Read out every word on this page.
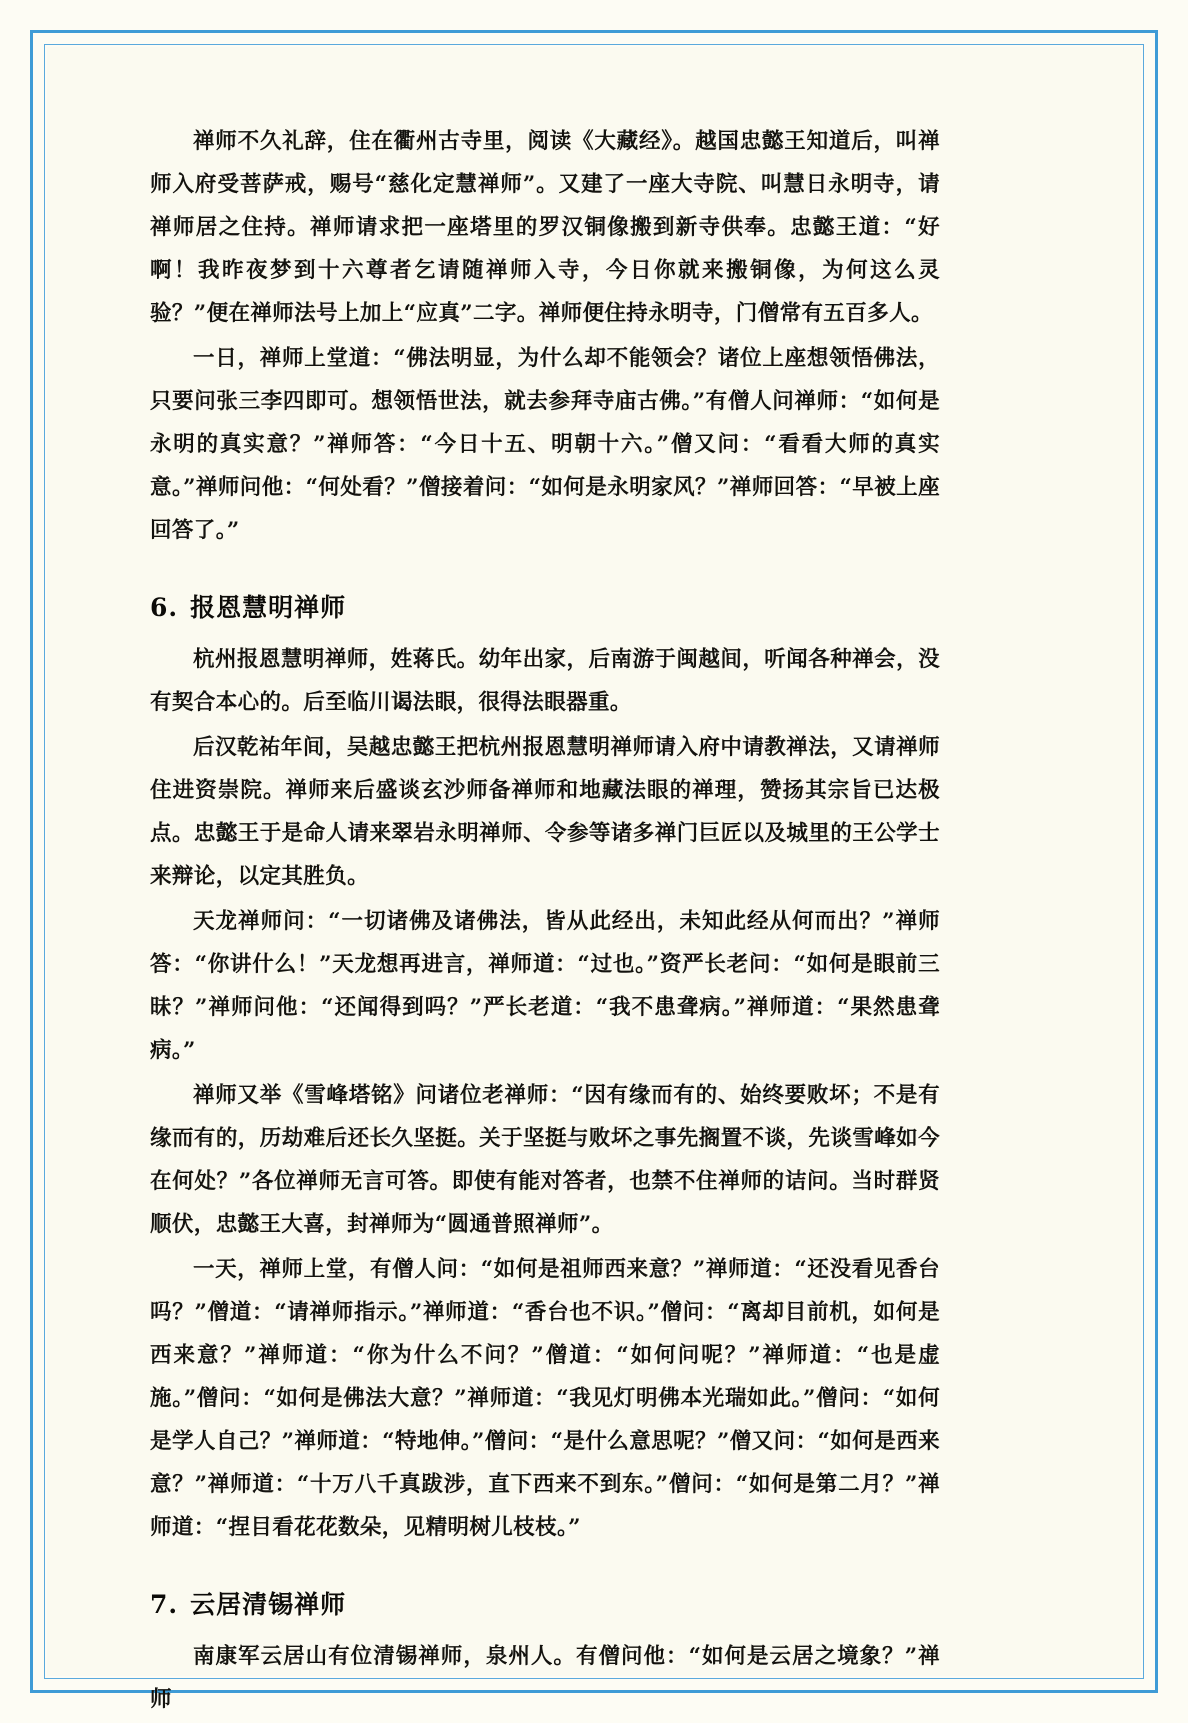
禅师不久礼辞，住在衢州古寺里，阅读《大藏经》。越国忠懿王知道后，叫禅师入府受菩萨戒，赐号“慈化定慧禅师”。又建了一座大寺院、叫慧日永明寺，请禅师居之住持。禅师请求把一座塔里的罗汉铜像搬到新寺供奉。忠懿王道：“好啊！我昨夜梦到十六尊者乞请随禅师入寺，今日你就来搬铜像，为何这么灵验？”便在禅师法号上加上“应真”二字。禅师便住持永明寺，门僧常有五百多人。

一日，禅师上堂道：“佛法明显，为什么却不能领会？诸位上座想领悟佛法，只要问张三李四即可。想领悟世法，就去参拜寺庙古佛。”有僧人问禅师：“如何是永明的真实意？”禅师答：“今日十五、明朝十六。”僧又问：“看看大师的真实意。”禅师问他：“何处看？”僧接着问：“如何是永明家风？”禅师回答：“早被上座回答了。”

6. 报恩慧明禅师

杭州报恩慧明禅师，姓蒋氏。幼年出家，后南游于闽越间，听闻各种禅会，没有契合本心的。后至临川谒法眼，很得法眼器重。

后汉乾祐年间，吴越忠懿王把杭州报恩慧明禅师请入府中请教禅法，又请禅师住进资崇院。禅师来后盛谈玄沙师备禅师和地藏法眼的禅理，赞扬其宗旨已达极点。忠懿王于是命人请来翠岩永明禅师、令参等诸多禅门巨匠以及城里的王公学士来辩论，以定其胜负。

天龙禅师问：“一切诸佛及诸佛法，皆从此经出，未知此经从何而出？”禅师答：“你讲什么！”天龙想再进言，禅师道：“过也。”资严长老问：“如何是眼前三昧？”禅师问他：“还闻得到吗？”严长老道：“我不患聋病。”禅师道：“果然患聋病。”

禅师又举《雪峰塔铭》问诸位老禅师：“因有缘而有的、始终要败坏；不是有缘而有的，历劫难后还长久坚挺。关于坚挺与败坏之事先搁置不谈，先谈雪峰如今在何处？”各位禅师无言可答。即使有能对答者，也禁不住禅师的诘问。当时群贤顺伏，忠懿王大喜，封禅师为“圆通普照禅师”。

一天，禅师上堂，有僧人问：“如何是祖师西来意？”禅师道：“还没看见香台吗？”僧道：“请禅师指示。”禅师道：“香台也不识。”僧问：“离却目前机，如何是西来意？”禅师道：“你为什么不问？”僧道：“如何问呢？”禅师道：“也是虚施。”僧问：“如何是佛法大意？”禅师道：“我见灯明佛本光瑞如此。”僧问：“如何是学人自己？”禅师道：“特地伸。”僧问：“是什么意思呢？”僧又问：“如何是西来意？”禅师道：“十万八千真跋涉，直下西来不到东。”僧问：“如何是第二月？”禅师道：“捏目看花花数朵，见精明树儿枝枝。”

7. 云居清锡禅师

南康军云居山有位清锡禅师，泉州人。有僧问他：“如何是云居之境象？”禅师
